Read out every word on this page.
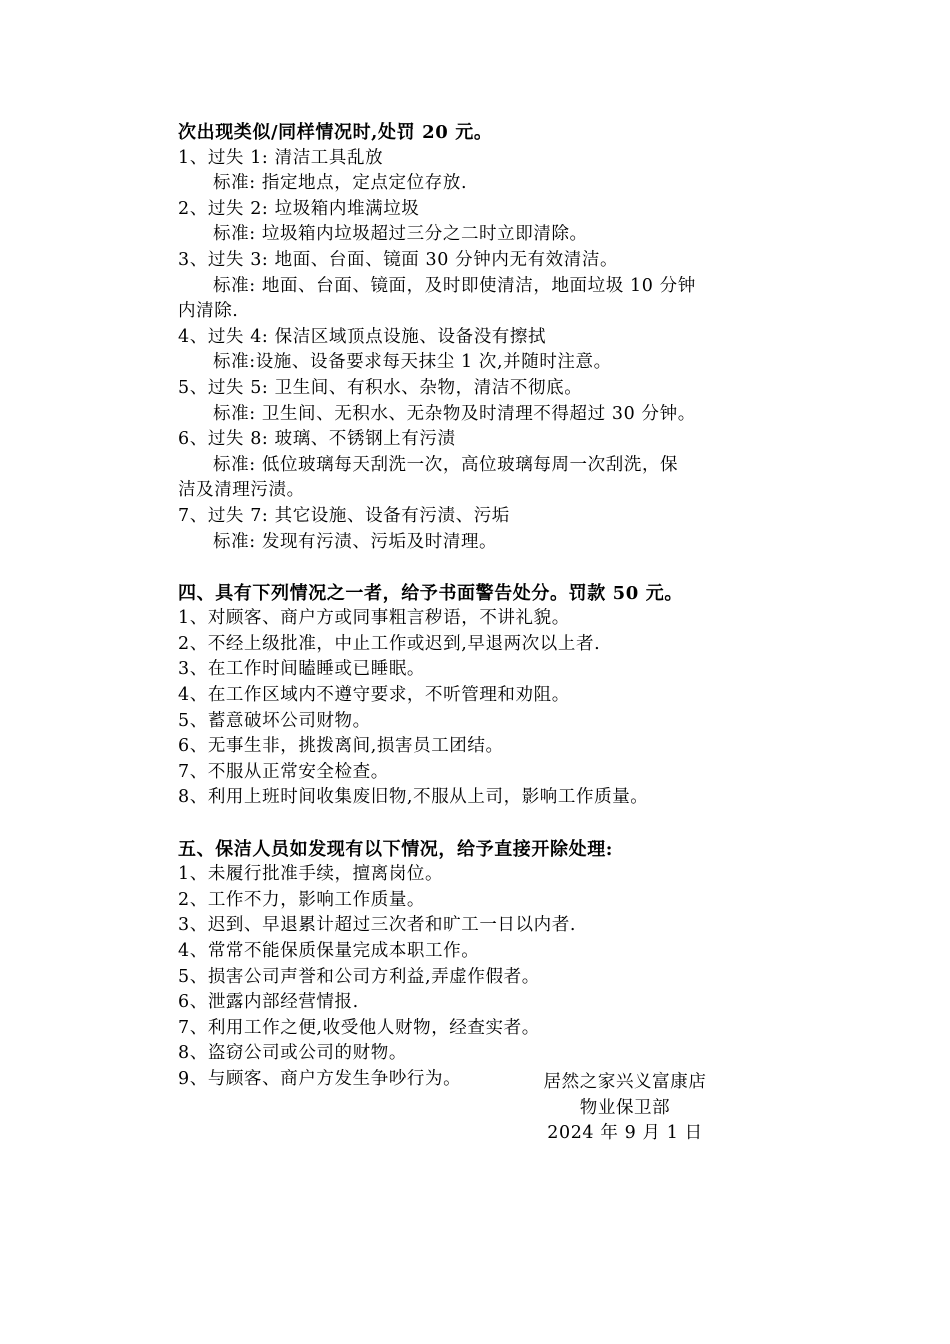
次出现类似/同样情况时,处罚 20 元。
1、过失 1: 清洁工具乱放
标准: 指定地点，定点定位存放.
2、过失 2: 垃圾箱内堆满垃圾
标准: 垃圾箱内垃圾超过三分之二时立即清除。
3、过失 3: 地面、台面、镜面 30 分钟内无有效清洁。
标准: 地面、台面、镜面，及时即使清洁，地面垃圾 10 分钟
内清除.
4、过失 4: 保洁区域顶点设施、设备没有擦拭
标准:设施、设备要求每天抹尘 1 次,并随时注意。
5、过失 5: 卫生间、有积水、杂物，清洁不彻底。
标准: 卫生间、无积水、无杂物及时清理不得超过 30 分钟。
6、过失 8: 玻璃、不锈钢上有污渍
标准: 低位玻璃每天刮洗一次，高位玻璃每周一次刮洗，保
洁及清理污渍。
7、过失 7: 其它设施、设备有污渍、污垢
标准: 发现有污渍、污垢及时清理。
四、具有下列情况之一者，给予书面警告处分。罚款 50 元。
1、对顾客、商户方或同事粗言秽语，不讲礼貌。
2、不经上级批准，中止工作或迟到,早退两次以上者.
3、在工作时间瞌睡或已睡眠。
4、在工作区域内不遵守要求，不听管理和劝阻。
5、蓄意破坏公司财物。
6、无事生非，挑拨离间,损害员工团结。
7、不服从正常安全检查。
8、利用上班时间收集废旧物,不服从上司，影响工作质量。
五、保洁人员如发现有以下情况，给予直接开除处理:
1、未履行批准手续，擅离岗位。
2、工作不力，影响工作质量。
3、迟到、早退累计超过三次者和旷工一日以内者.
4、常常不能保质保量完成本职工作。
5、损害公司声誉和公司方利益,弄虚作假者。
6、泄露内部经营情报.
7、利用工作之便,收受他人财物，经查实者。
8、盗窃公司或公司的财物。
9、与顾客、商户方发生争吵行为。	居然之家兴义富康店
物业保卫部
2024 年 9 月 1 日
